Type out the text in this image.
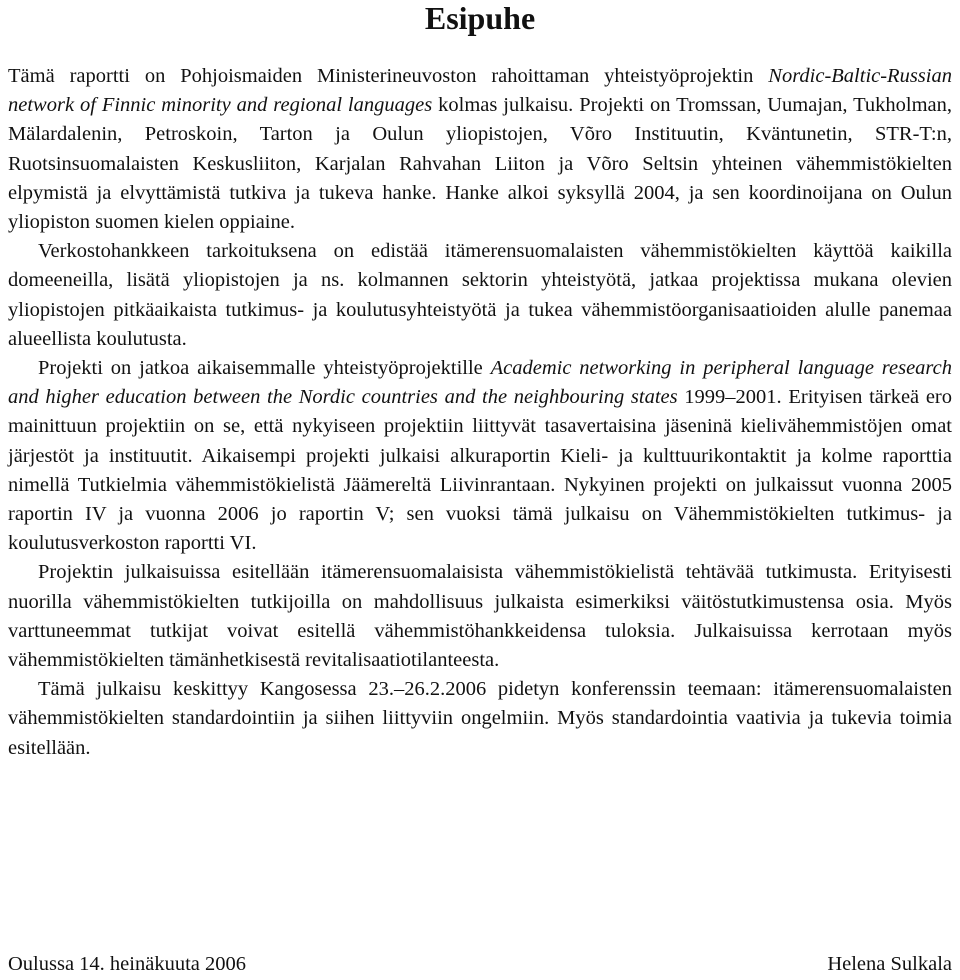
Esipuhe

Tämä raportti on Pohjoismaiden Ministerineuvoston rahoittaman yhteistyöprojektin Nordic-Baltic-Russian network of Finnic minority and regional languages kolmas julkaisu. Projekti on Tromssan, Uumajan, Tukholman, Mälardalenin, Petroskoin, Tarton ja Oulun yliopistojen, Võro Instituutin, Kväntunetin, STR-T:n, Ruotsinsuomalaisten Keskusliiton, Karjalan Rahvahan Liiton ja Võro Seltsin yhteinen vähemmistökielten elpymistä ja elvyttämistä tutkiva ja tukeva hanke. Hanke alkoi syksyllä 2004, ja sen koordinoijana on Oulun yliopiston suomen kielen oppiaine.

Verkostohankkeen tarkoituksena on edistää itämerensuomalaisten vähemmistökielten käyttöä kaikilla domeeneilla, lisätä yliopistojen ja ns. kolmannen sektorin yhteistyötä, jatkaa projektissa mukana olevien yliopistojen pitkäaikaista tutkimus- ja koulutusyhteistyötä ja tukea vähemmistöorganisaatioiden alulle panemaa alueellista koulutusta.

Projekti on jatkoa aikaisemmalle yhteistyöprojektille Academic networking in peripheral language research and higher education between the Nordic countries and the neighbouring states 1999–2001. Erityisen tärkeä ero mainittuun projektiin on se, että nykyiseen projektiin liittyvät tasavertaisina jäseninä kielivähemmistöjen omat järjestöt ja instituutit. Aikaisempi projekti julkaisi alkuraportin Kieli- ja kulttuurikontaktit ja kolme raporttia nimellä Tutkielmia vähemmistökielistä Jäämereltä Liivinrantaan. Nykyinen projekti on julkaissut vuonna 2005 raportin IV ja vuonna 2006 jo raportin V; sen vuoksi tämä julkaisu on Vähemmistökielten tutkimus- ja koulutusverkoston raportti VI.

Projektin julkaisuissa esitellään itämerensuomalaisista vähemmistökielistä tehtävää tutkimusta. Erityisesti nuorilla vähemmistökielten tutkijoilla on mahdollisuus julkaista esimerkiksi väitöstutkimustensa osia. Myös varttuneemmat tutkijat voivat esitellä vähemmistöhankkeidensa tuloksia. Julkaisuissa kerrotaan myös vähemmistökielten tämänhetkisestä revitalisaatiotilanteesta.

Tämä julkaisu keskittyy Kangosessa 23.–26.2.2006 pidetyn konferenssin teemaan: itämerensuomalaisten vähemmistökielten standardointiin ja siihen liittyviin ongelmiin. Myös standardointia vaativia ja tukevia toimia esitellään.

Oulussa 14. heinäkuuta 2006	Helena Sulkala
